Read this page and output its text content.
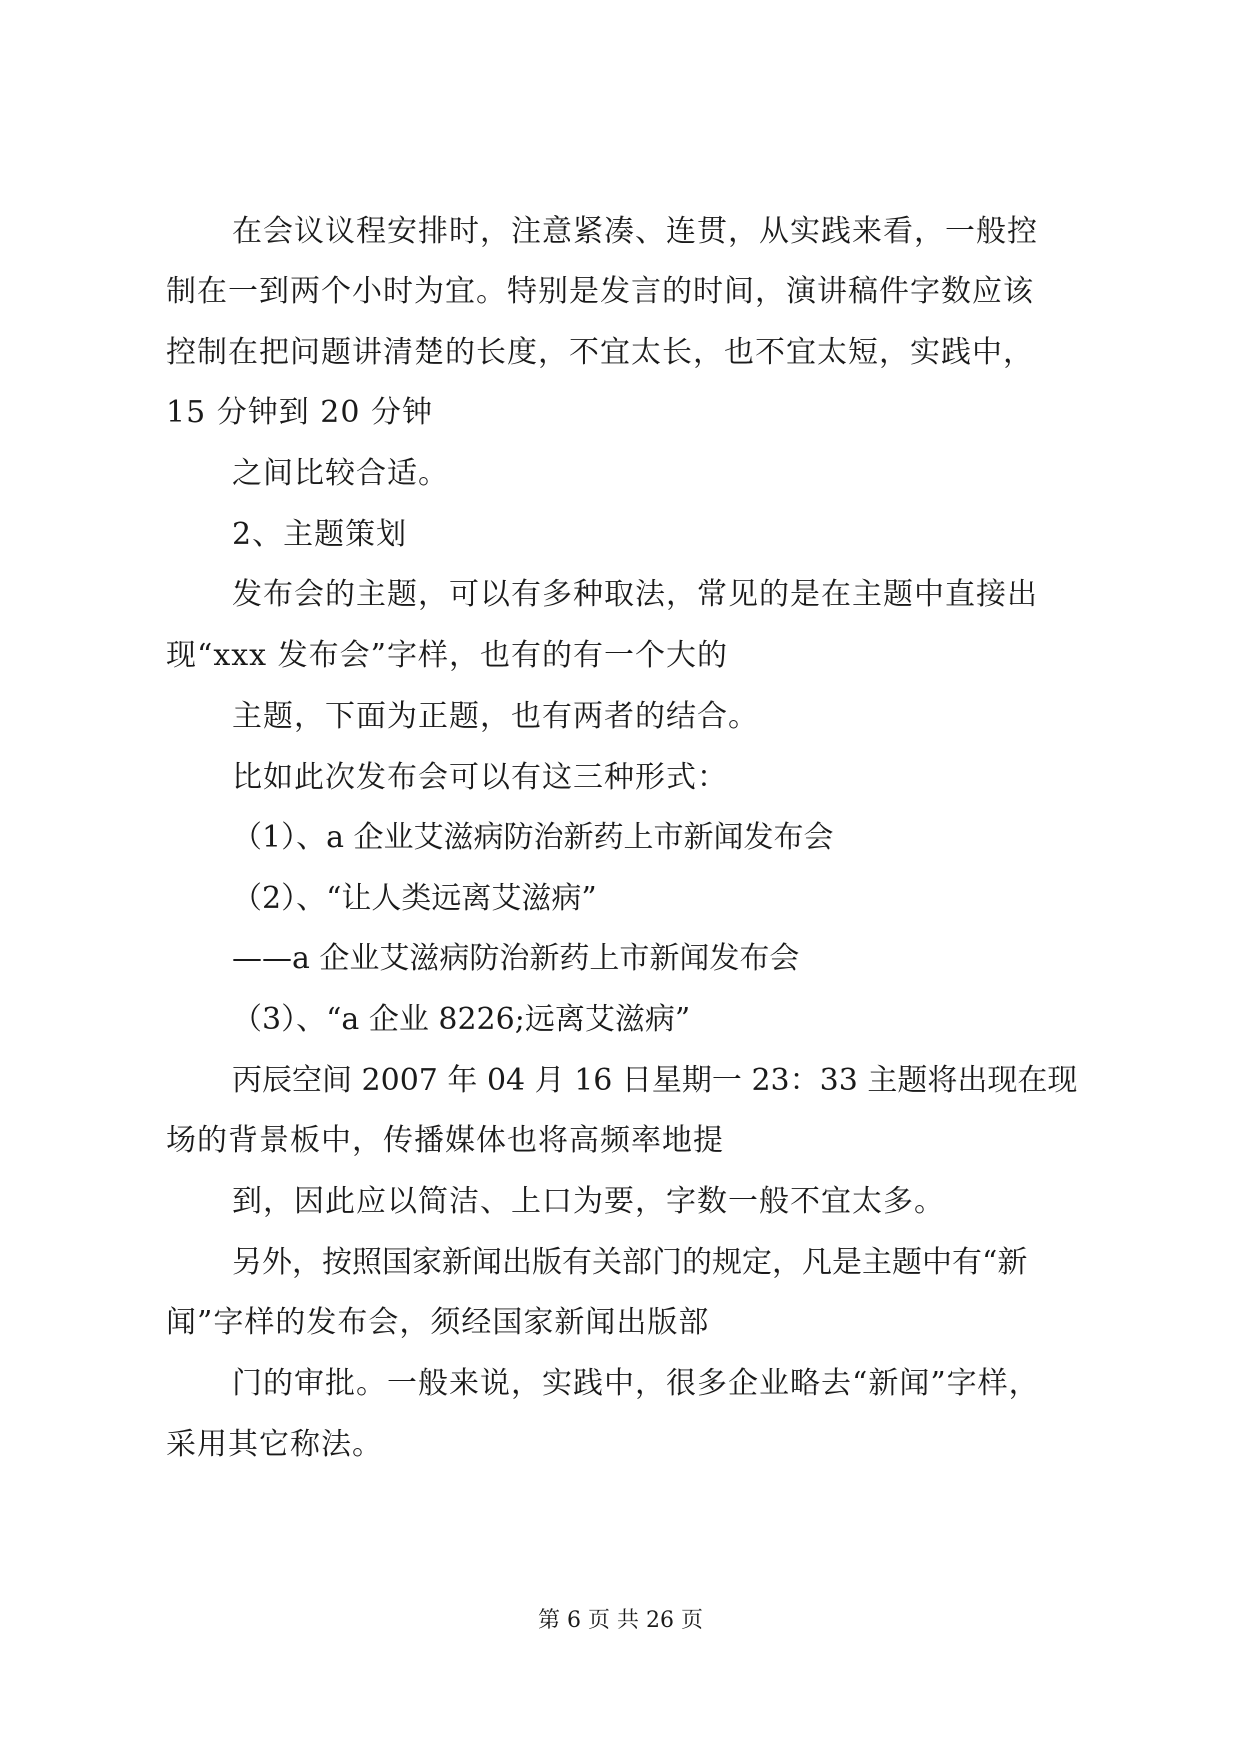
在会议议程安排时，注意紧凑、连贯，从实践来看，一般控
制在一到两个小时为宜。特别是发言的时间，演讲稿件字数应该
控制在把问题讲清楚的长度，不宜太长，也不宜太短，实践中，
15 分钟到 20 分钟
之间比较合适。
2、主题策划
发布会的主题，可以有多种取法，常见的是在主题中直接出
现“xxx 发布会”字样，也有的有一个大的
主题，下面为正题，也有两者的结合。
比如此次发布会可以有这三种形式：
（1）、a 企业艾滋病防治新药上市新闻发布会
（2）、“让人类远离艾滋病”
——a 企业艾滋病防治新药上市新闻发布会
（3）、“a 企业 8226;远离艾滋病”
丙辰空间 2007 年 04 月 16 日星期一 23：33 主题将出现在现
场的背景板中，传播媒体也将高频率地提
到，因此应以简洁、上口为要，字数一般不宜太多。
另外，按照国家新闻出版有关部门的规定，凡是主题中有“新
闻”字样的发布会，须经国家新闻出版部
门的审批。一般来说，实践中，很多企业略去“新闻”字样，
采用其它称法。
第 6 页 共 26 页
